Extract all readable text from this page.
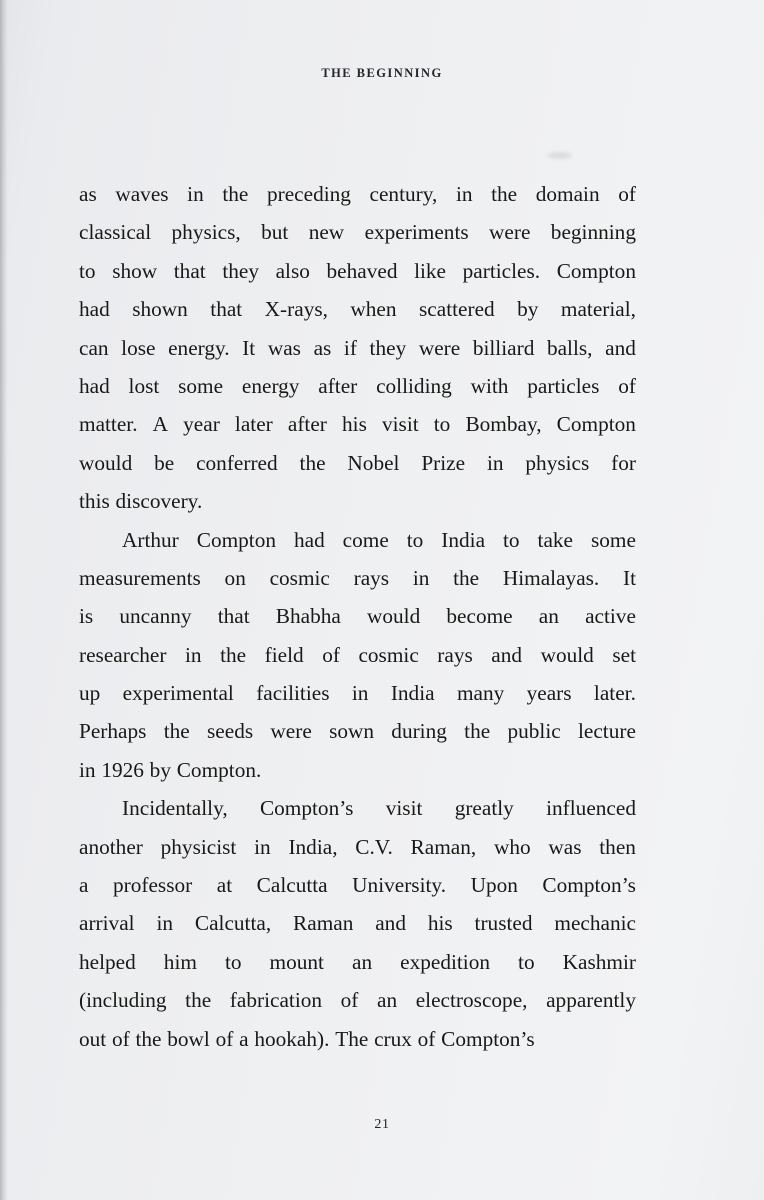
THE BEGINNING
as waves in the preceding century, in the domain of
classical physics, but new experiments were beginning
to show that they also behaved like particles. Compton
had shown that X-rays, when scattered by material,
can lose energy. It was as if they were billiard balls, and
had lost some energy after colliding with particles of
matter. A year later after his visit to Bombay, Compton
would be conferred the Nobel Prize in physics for
this discovery.
Arthur Compton had come to India to take some
measurements on cosmic rays in the Himalayas. It
is uncanny that Bhabha would become an active
researcher in the field of cosmic rays and would set
up experimental facilities in India many years later.
Perhaps the seeds were sown during the public lecture
in 1926 by Compton.
Incidentally, Compton’s visit greatly influenced
another physicist in India, C.V. Raman, who was then
a professor at Calcutta University. Upon Compton’s
arrival in Calcutta, Raman and his trusted mechanic
helped him to mount an expedition to Kashmir
(including the fabrication of an electroscope, apparently
out of the bowl of a hookah). The crux of Compton’s
21
